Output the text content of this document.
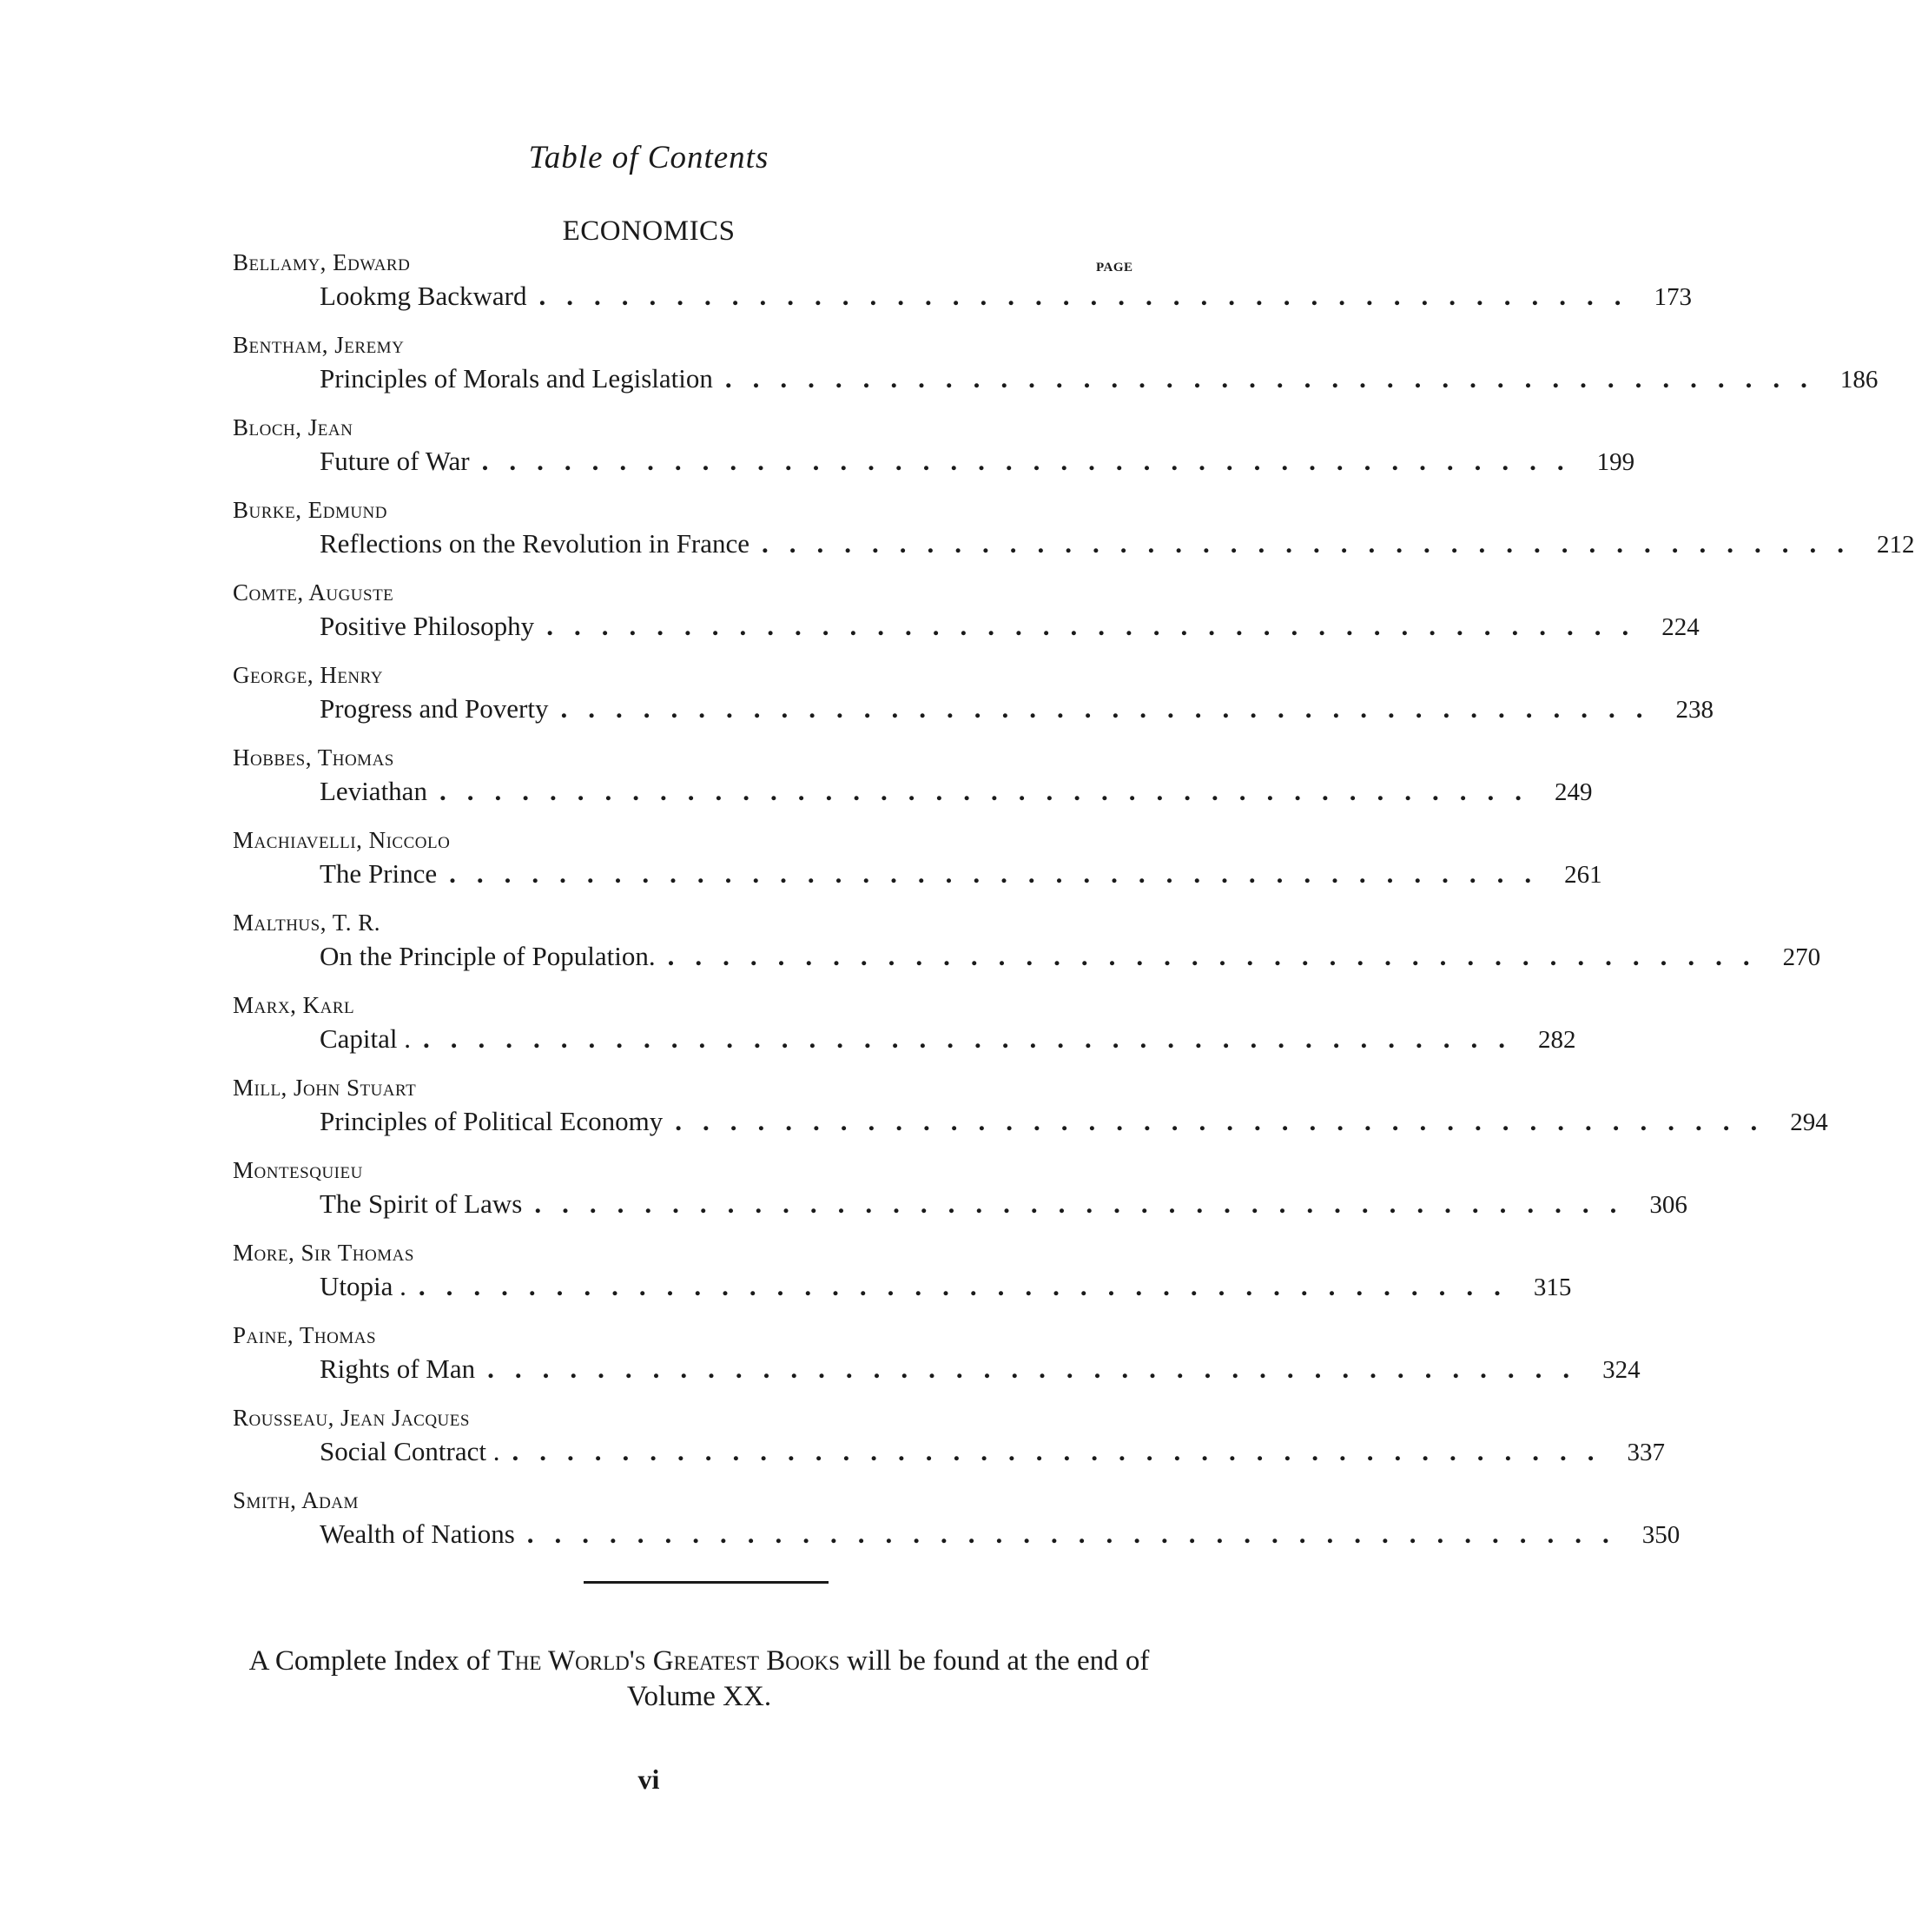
Table of Contents
ECONOMICS
PAGE
Bellamy, Edward
Lookmg Backward ........................................ 173
Bentham, Jeremy
Principles of Morals and Legislation ........................................ 186
Bloch, Jean
Future of War ........................................ 199
Burke, Edmund
Reflections on the Revolution in France ........................................ 212
Comte, Auguste
Positive Philosophy ........................................ 224
George, Henry
Progress and Poverty ........................................ 238
Hobbes, Thomas
Leviathan ........................................ 249
Machiavelli, Niccolo
The Prince ........................................ 261
Malthus, T. R.
On the Principle of Population. ........................................ 270
Marx, Karl
Capital . ........................................ 282
Mill, John Stuart
Principles of Political Economy ........................................ 294
Montesquieu
The Spirit of Laws ........................................ 306
More, Sir Thomas
Utopia . ........................................ 315
Paine, Thomas
Rights of Man ........................................ 324
Rousseau, Jean Jacques
Social Contract . ........................................ 337
Smith, Adam
Wealth of Nations ........................................ 350
A Complete Index of The World's Greatest Books will be found at the end of Volume XX.
vi
